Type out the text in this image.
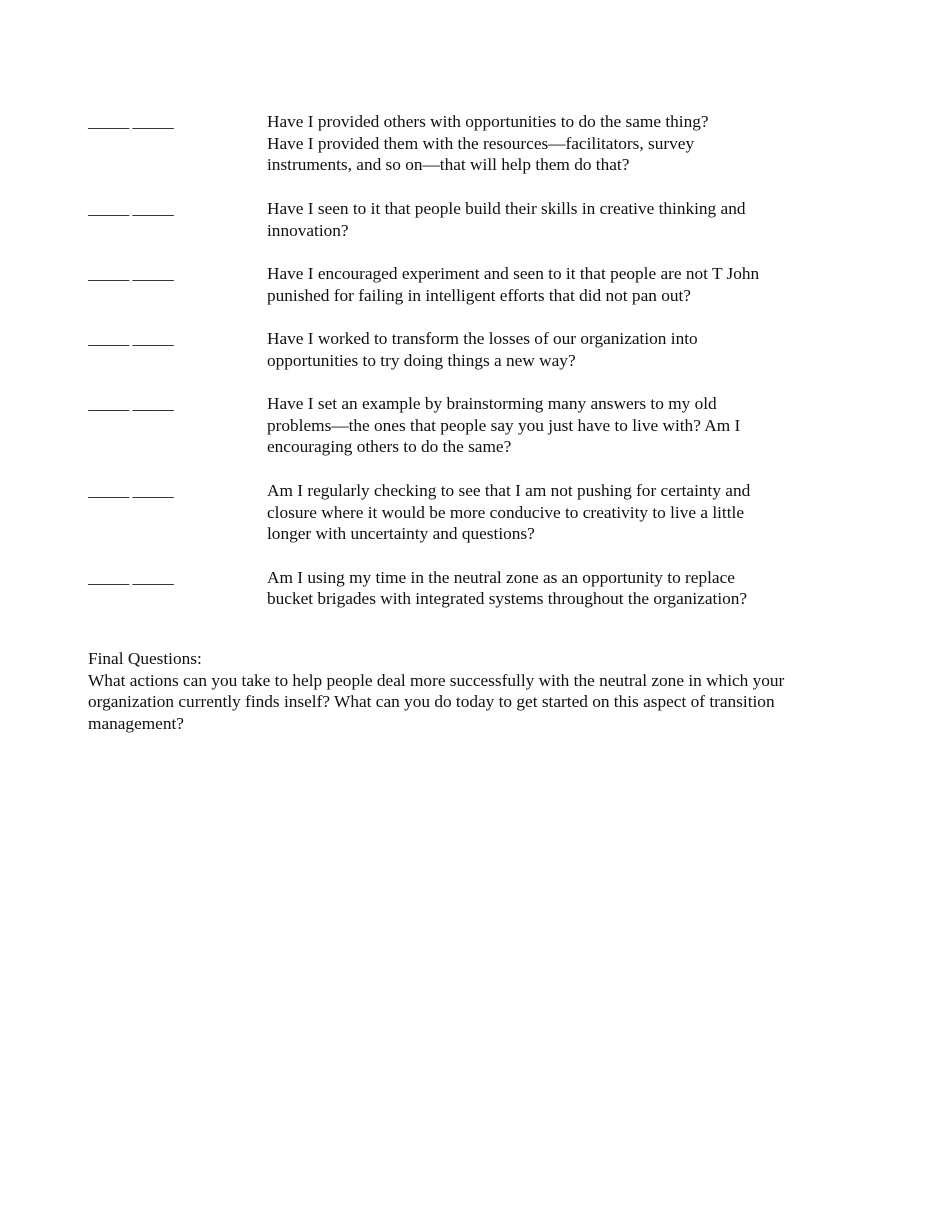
_____ _____	Have I provided others with opportunities to do the same thing?
Have I provided them with the resources—facilitators, survey
instruments, and so on—that will help them do that?
_____ _____	Have I seen to it that people build their skills in creative thinking and
innovation?
_____ _____	Have I encouraged experiment and seen to it that people are not T John
punished for failing in intelligent efforts that did not pan out?
_____ _____	Have I worked to transform the losses of our organization into
opportunities to try doing things a new way?
_____ _____	Have I set an example by brainstorming many answers to my old
problems—the ones that people say you just have to live with? Am I
encouraging others to do the same?
_____ _____	Am I regularly checking to see that I am not pushing for certainty and
closure where it would be more conducive to creativity to live a little
longer with uncertainty and questions?
_____ _____	Am I using my time in the neutral zone as an opportunity to replace
bucket brigades with integrated systems throughout the organization?
Final Questions:
What actions can you take to help people deal more successfully with the neutral zone in which your
organization currently finds inself? What can you do today to get started on this aspect of transition
management?
